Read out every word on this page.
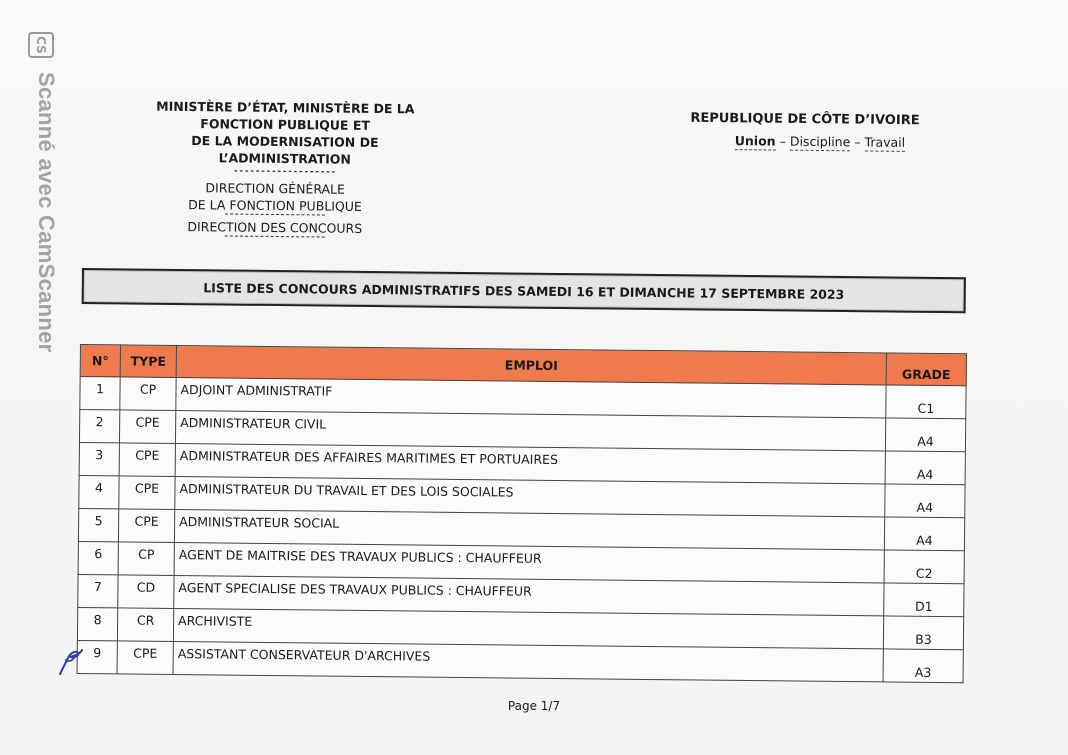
CS
Scanné avec CamScanner	MINISTÈRE D’ÉTAT, MINISTÈRE DE LA
FONCTION PUBLIQUE ET
DE LA MODERNISATION DE
L’ADMINISTRATION
-------------------
DIRECTION GÉNÉRALE
DE LA FONCTION PUBLIQUE
DIRECTION DES CONCOURS
REPUBLIQUE DE CÔTE D’IVOIRE
Union – Discipline – Travail
LISTE DES CONCOURS ADMINISTRATIFS DES SAMEDI 16 ET DIMANCHE 17 SEPTEMBRE 2023
N°	TYPE	EMPLOI	GRADE
1	CP	ADJOINT ADMINISTRATIF	C1
2	CPE	ADMINISTRATEUR CIVIL	A4
3	CPE	ADMINISTRATEUR DES AFFAIRES MARITIMES ET PORTUAIRES	A4
4	CPE	ADMINISTRATEUR DU TRAVAIL ET DES LOIS SOCIALES	A4
5	CPE	ADMINISTRATEUR SOCIAL	A4
6	CP	AGENT DE MAITRISE DES TRAVAUX PUBLICS : CHAUFFEUR	C2
7	CD	AGENT SPECIALISE DES TRAVAUX PUBLICS : CHAUFFEUR	D1
8	CR	ARCHIVISTE	B3
9	CPE	ASSISTANT CONSERVATEUR D'ARCHIVES	A3
Page 1/7
